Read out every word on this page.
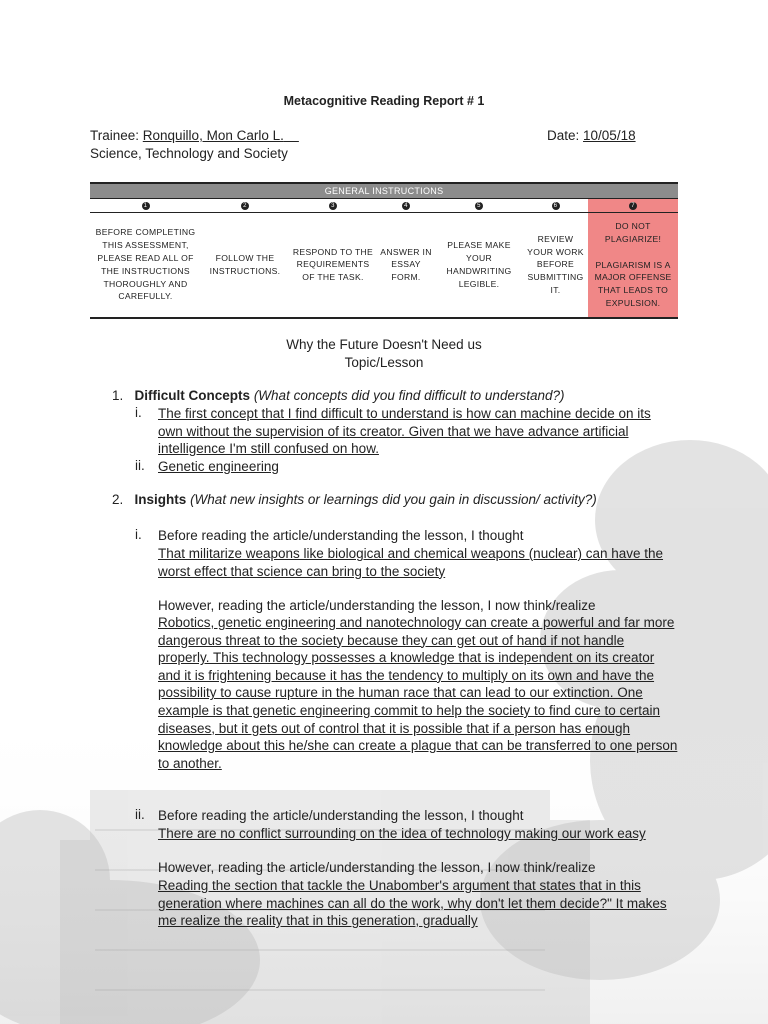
Metacognitive Reading Report # 1
Trainee: Ronquillo, Mon Carlo L.	Date: 10/05/18
Science, Technology and Society
GENERAL INSTRUCTIONS						
1	2	3	4	5	6	7
BEFORE COMPLETING THIS ASSESSMENT, PLEASE READ ALL OF THE INSTRUCTIONS THOROUGHLY AND CAREFULLY.	FOLLOW THE INSTRUCTIONS.	RESPOND TO THE REQUIREMENTS OF THE TASK.	ANSWER IN ESSAY FORM.	PLEASE MAKE YOUR HANDWRITING LEGIBLE.	REVIEW YOUR WORK BEFORE SUBMITTING IT.	DO NOT PLAGIARIZE!
PLAGIARISM IS A MAJOR OFFENSE THAT LEADS TO EXPULSION.
Why the Future Doesn't Need us
Topic/Lesson
1. Difficult Concepts (What concepts did you find difficult to understand?)
i. The first concept that I find difficult to understand is how can machine decide on its own without the supervision of its creator. Given that we have advance artificial intelligence I'm still confused on how.
ii. Genetic engineering
2. Insights (What new insights or learnings did you gain in discussion/ activity?)
i. Before reading the article/understanding the lesson, I thought
That militarize weapons like biological and chemical weapons (nuclear) can have the worst effect that science can bring to the society
However, reading the article/understanding the lesson, I now think/realize
Robotics, genetic engineering and nanotechnology can create a powerful and far more dangerous threat to the society because they can get out of hand if not handle properly. This technology possesses a knowledge that is independent on its creator and it is frightening because it has the tendency to multiply on its own and have the possibility to cause rupture in the human race that can lead to our extinction. One example is that genetic engineering commit to help the society to find cure to certain diseases, but it gets out of control that it is possible that if a person has enough knowledge about this he/she can create a plague that can be transferred to one person to another.
ii. Before reading the article/understanding the lesson, I thought
There are no conflict surrounding on the idea of technology making our work easy
However, reading the article/understanding the lesson, I now think/realize
Reading the section that tackle the Unabomber's argument that states that in this generation where machines can all do the work, why don't let them decide?" It makes me realize the reality that in this generation, gradually
